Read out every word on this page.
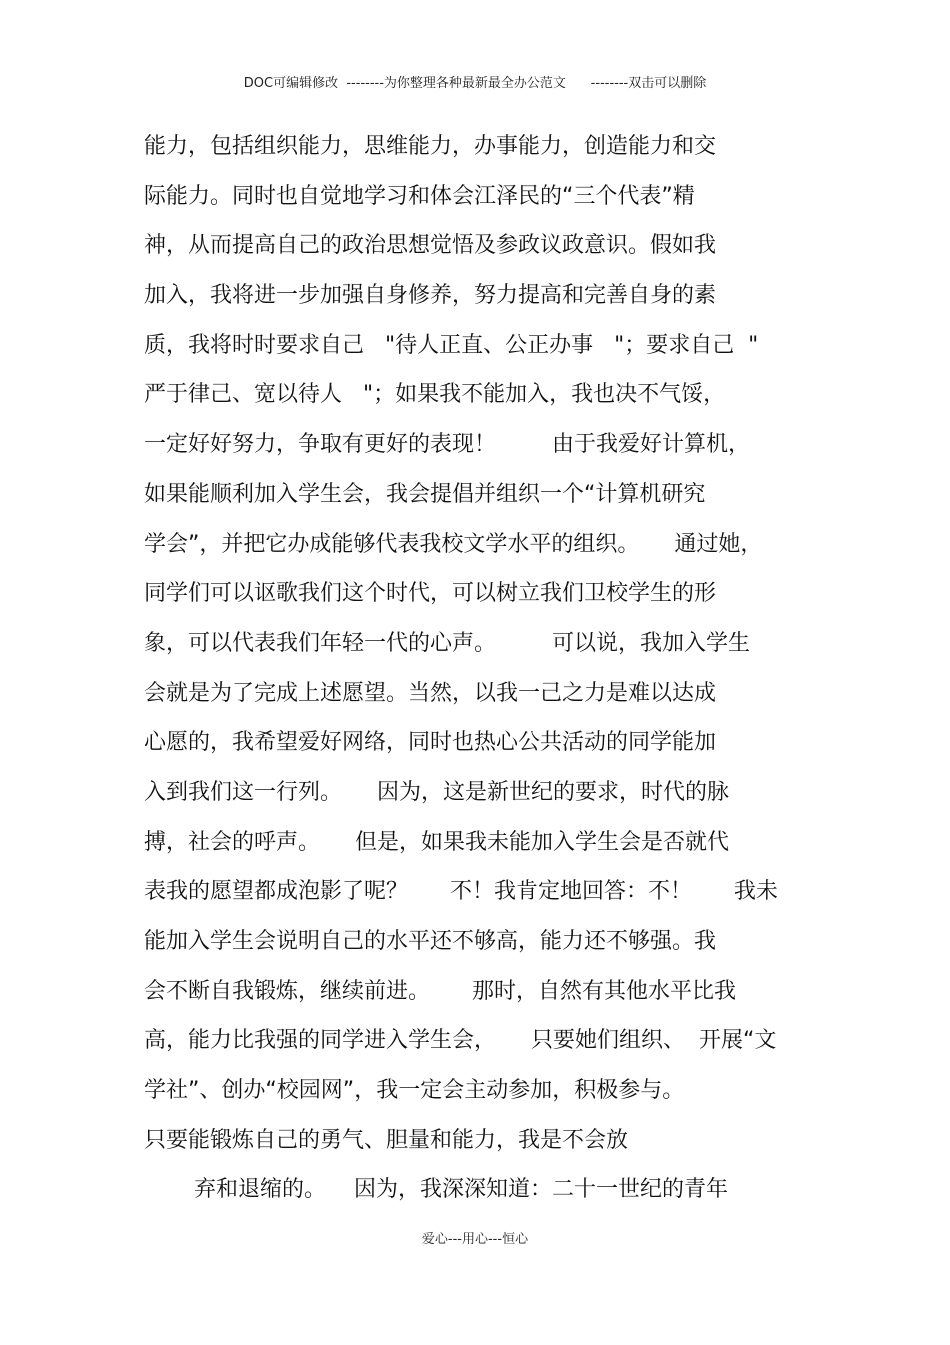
DOC可编辑修改  --------为你整理各种最新最全办公范文      --------双击可以删除
能力，包括组织能力，思维能力，办事能力，创造能力和交
际能力。同时也自觉地学习和体会江泽民的“三个代表”精
神，从而提高自己的政治思想觉悟及参政议政意识。假如我
加入，我将进一步加强自身修养，努力提高和完善自身的素
质，我将时时要求自己   "待人正直、公正办事   "；要求自己  "
严于律己、宽以待人   "；如果我不能加入，我也决不气馁，
一定好好努力，争取有更好的表现！        由于我爱好计算机，
如果能顺利加入学生会，我会提倡并组织一个“计算机研究
学会”，并把它办成能够代表我校文学水平的组织。     通过她，
同学们可以讴歌我们这个时代，可以树立我们卫校学生的形
象，可以代表我们年轻一代的心声。        可以说，我加入学生
会就是为了完成上述愿望。当然，以我一己之力是难以达成
心愿的，我希望爱好网络，同时也热心公共活动的同学能加
入到我们这一行列。     因为，这是新世纪的要求，时代的脉
搏，社会的呼声。     但是，如果我未能加入学生会是否就代
表我的愿望都成泡影了呢？      不！我肯定地回答：不！      我未
能加入学生会说明自己的水平还不够高，能力还不够强。我
会不断自我锻炼，继续前进。      那时，自然有其他水平比我
高，能力比我强的同学进入学生会，     只要她们组织、  开展“文
学社”、创办“校园网”，我一定会主动参加，积极参与。
只要能锻炼自己的勇气、胆量和能力，我是不会放
弃和退缩的。    因为，我深深知道：二十一世纪的青年
爱心---用心---恒心
